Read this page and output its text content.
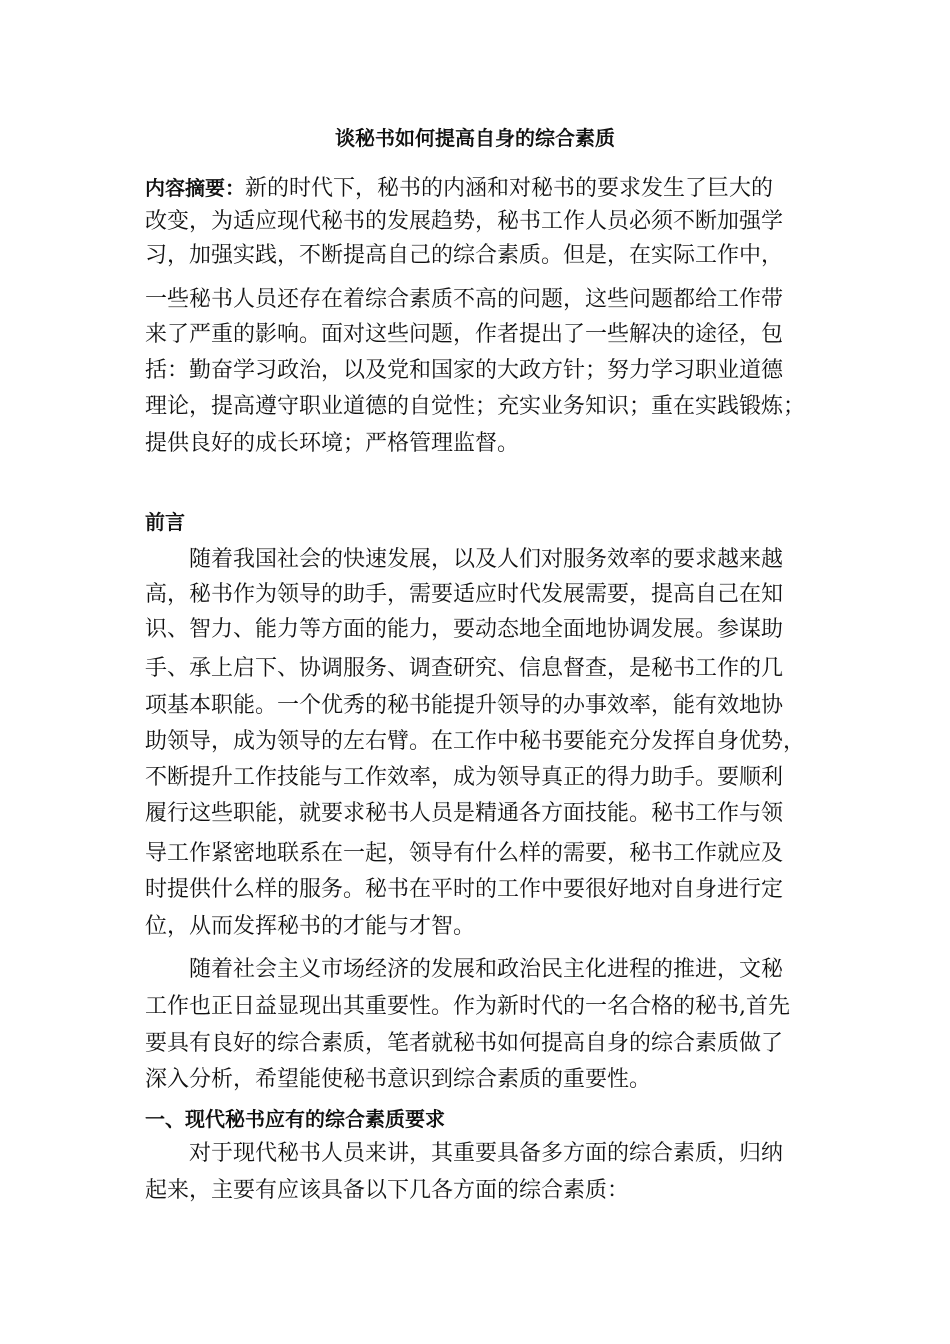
谈秘书如何提高自身的综合素质
内容摘要：新的时代下，秘书的内涵和对秘书的要求发生了巨大的
改变，为适应现代秘书的发展趋势，秘书工作人员必须不断加强学
习，加强实践，不断提高自己的综合素质。但是，在实际工作中，
一些秘书人员还存在着综合素质不高的问题，这些问题都给工作带
来了严重的影响。面对这些问题，作者提出了一些解决的途径，包
括：勤奋学习政治，以及党和国家的大政方针；努力学习职业道德
理论，提高遵守职业道德的自觉性；充实业务知识；重在实践锻炼；
提供良好的成长环境；严格管理监督。
前言
随着我国社会的快速发展，以及人们对服务效率的要求越来越
高，秘书作为领导的助手，需要适应时代发展需要，提高自己在知
识、智力、能力等方面的能力，要动态地全面地协调发展。参谋助
手、承上启下、协调服务、调查研究、信息督查，是秘书工作的几
项基本职能。一个优秀的秘书能提升领导的办事效率，能有效地协
助领导，成为领导的左右臂。在工作中秘书要能充分发挥自身优势，
不断提升工作技能与工作效率，成为领导真正的得力助手。要顺利
履行这些职能，就要求秘书人员是精通各方面技能。秘书工作与领
导工作紧密地联系在一起，领导有什么样的需要，秘书工作就应及
时提供什么样的服务。秘书在平时的工作中要很好地对自身进行定
位，从而发挥秘书的才能与才智。
随着社会主义市场经济的发展和政治民主化进程的推进，文秘
工作也正日益显现出其重要性。作为新时代的一名合格的秘书,首先
要具有良好的综合素质，笔者就秘书如何提高自身的综合素质做了
深入分析，希望能使秘书意识到综合素质的重要性。
一、现代秘书应有的综合素质要求
对于现代秘书人员来讲，其重要具备多方面的综合素质，归纳
起来，主要有应该具备以下几各方面的综合素质：
